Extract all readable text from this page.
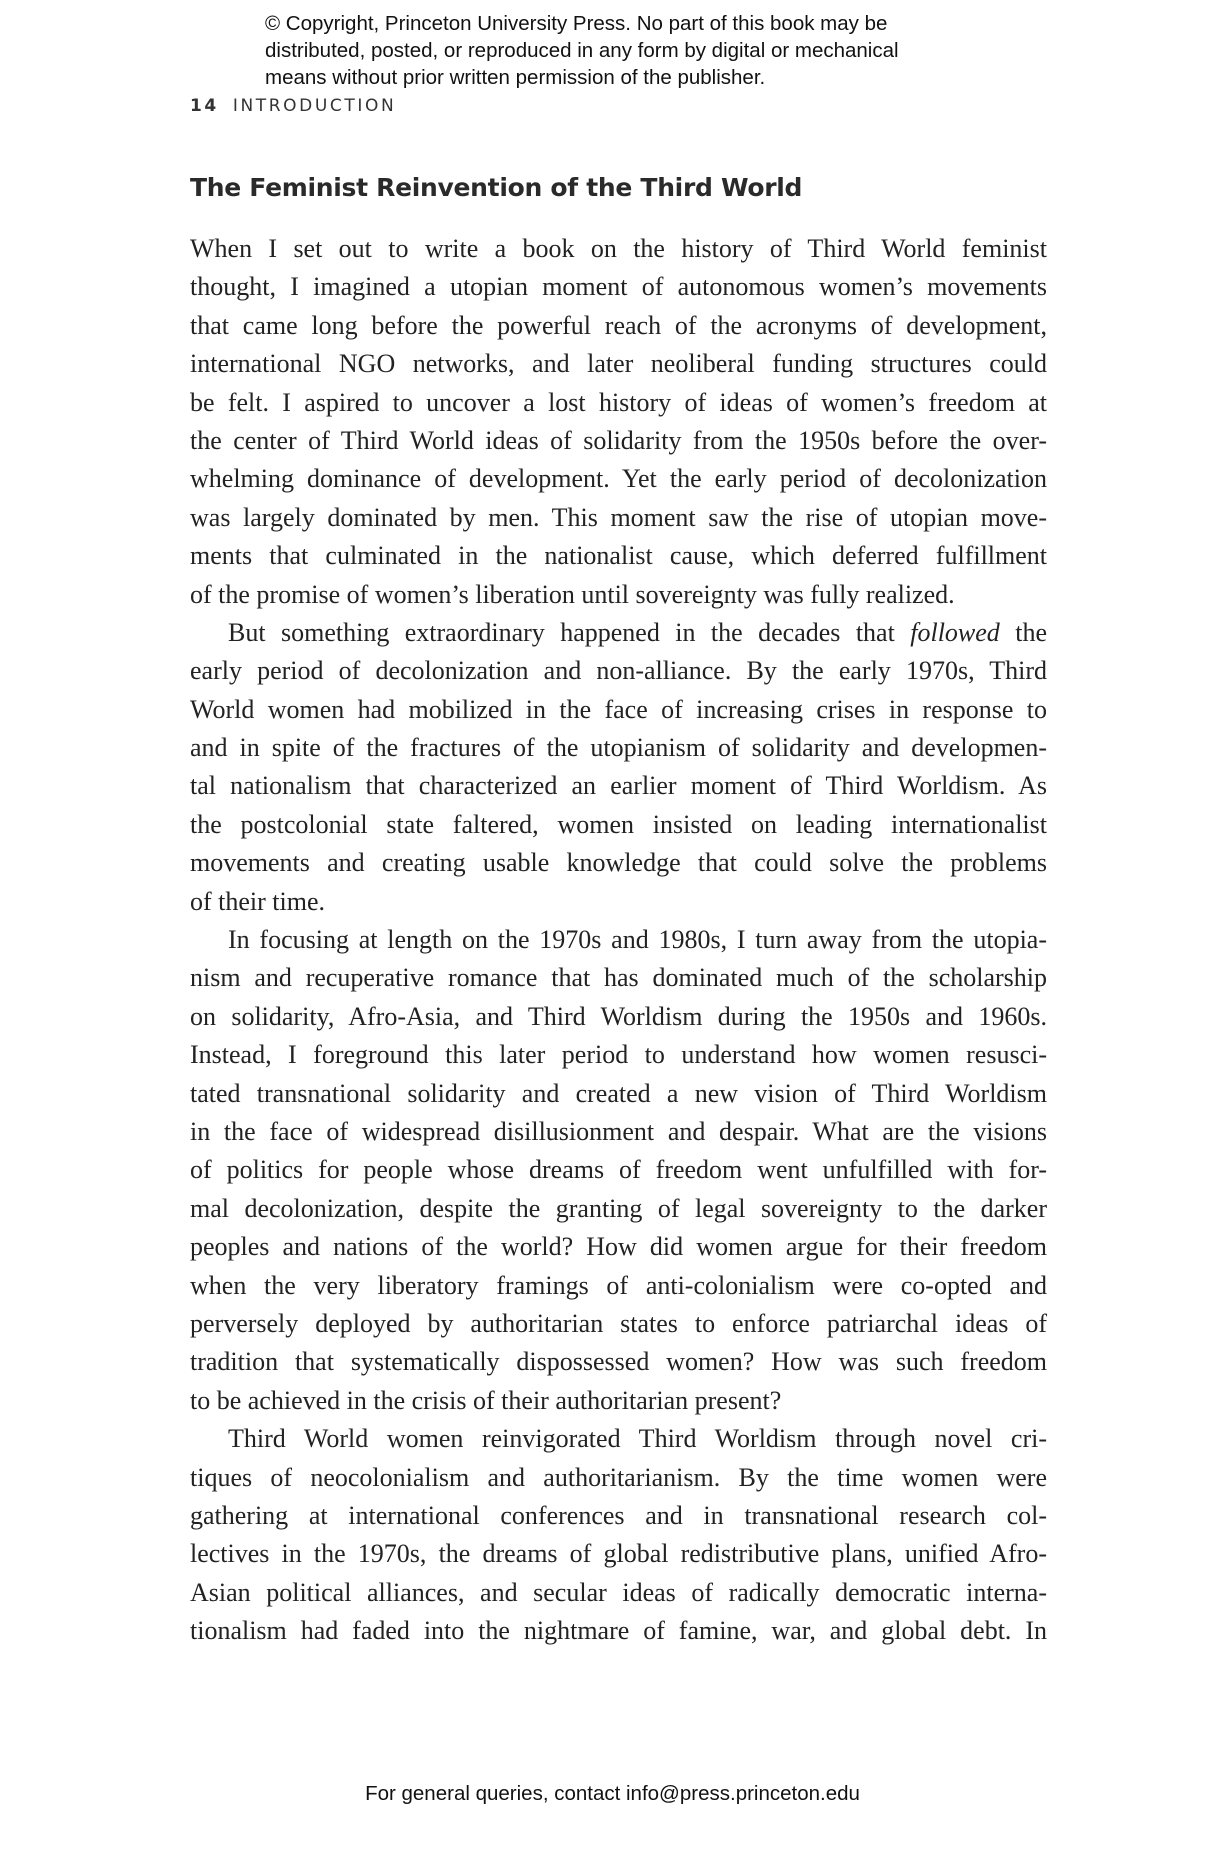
© Copyright, Princeton University Press. No part of this book may be
distributed, posted, or reproduced in any form by digital or mechanical
means without prior written permission of the publisher.
14 INTRODUCTION
The Feminist Reinvention of the Third World
When I set out to write a book on the history of Third World feminist
thought, I imagined a utopian moment of autonomous women’s movements
that came long before the powerful reach of the acronyms of development,
international NGO networks, and later neoliberal funding structures could
be felt. I aspired to uncover a lost history of ideas of women’s freedom at
the center of Third World ideas of solidarity from the 1950s before the over-
whelming dominance of development. Yet the early period of decolonization
was largely dominated by men. This moment saw the rise of utopian move-
ments that culminated in the nationalist cause, which deferred fulfillment
of the promise of women’s liberation until sovereignty was fully realized.
But something extraordinary happened in the decades that followed the
early period of decolonization and non-alliance. By the early 1970s, Third
World women had mobilized in the face of increasing crises in response to
and in spite of the fractures of the utopianism of solidarity and developmen-
tal nationalism that characterized an earlier moment of Third Worldism. As
the postcolonial state faltered, women insisted on leading internationalist
movements and creating usable knowledge that could solve the problems
of their time.
In focusing at length on the 1970s and 1980s, I turn away from the utopia-
nism and recuperative romance that has dominated much of the scholarship
on solidarity, Afro-Asia, and Third Worldism during the 1950s and 1960s.
Instead, I foreground this later period to understand how women resusci-
tated transnational solidarity and created a new vision of Third Worldism
in the face of widespread disillusionment and despair. What are the visions
of politics for people whose dreams of freedom went unfulfilled with for-
mal decolonization, despite the granting of legal sovereignty to the darker
peoples and nations of the world? How did women argue for their freedom
when the very liberatory framings of anti-colonialism were co-opted and
perversely deployed by authoritarian states to enforce patriarchal ideas of
tradition that systematically dispossessed women? How was such freedom
to be achieved in the crisis of their authoritarian present?
Third World women reinvigorated Third Worldism through novel cri-
tiques of neocolonialism and authoritarianism. By the time women were
gathering at international conferences and in transnational research col-
lectives in the 1970s, the dreams of global redistributive plans, unified Afro-
Asian political alliances, and secular ideas of radically democratic interna-
tionalism had faded into the nightmare of famine, war, and global debt. In
For general queries, contact info@press.princeton.edu
